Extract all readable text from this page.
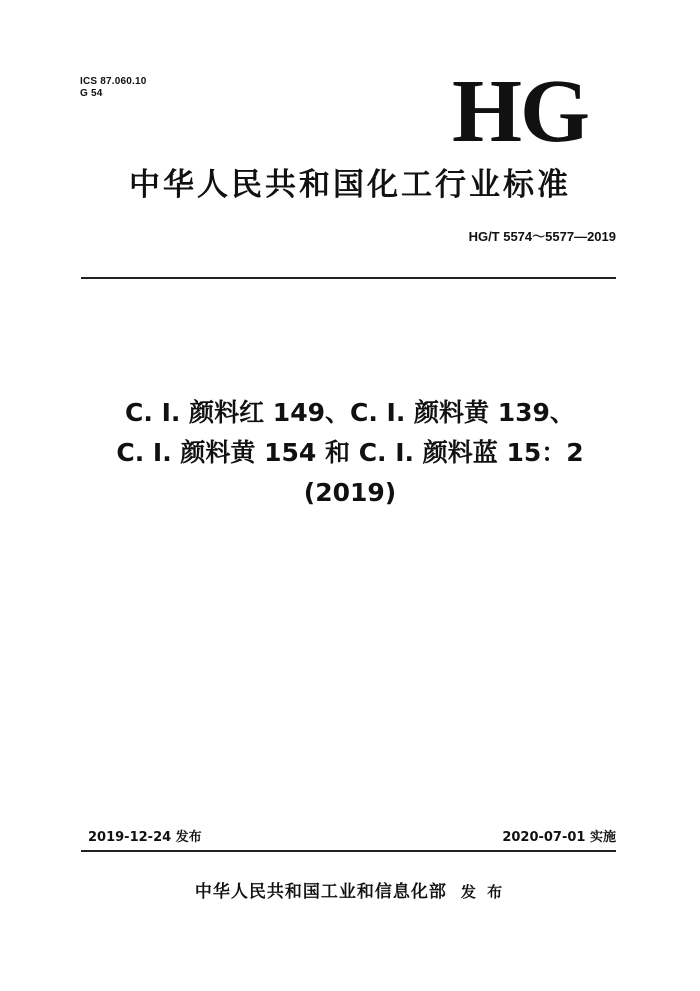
ICS 87.060.10
G 54	HG
中华人民共和国化工行业标准
HG/T 5574～5577—2019
C. I. 颜料红 149、C. I. 颜料黄 139、
C. I. 颜料黄 154 和 C. I. 颜料蓝 15：2
(2019)
2019-12-24 发布	2020-07-01 实施
中华人民共和国工业和信息化部 发 布
